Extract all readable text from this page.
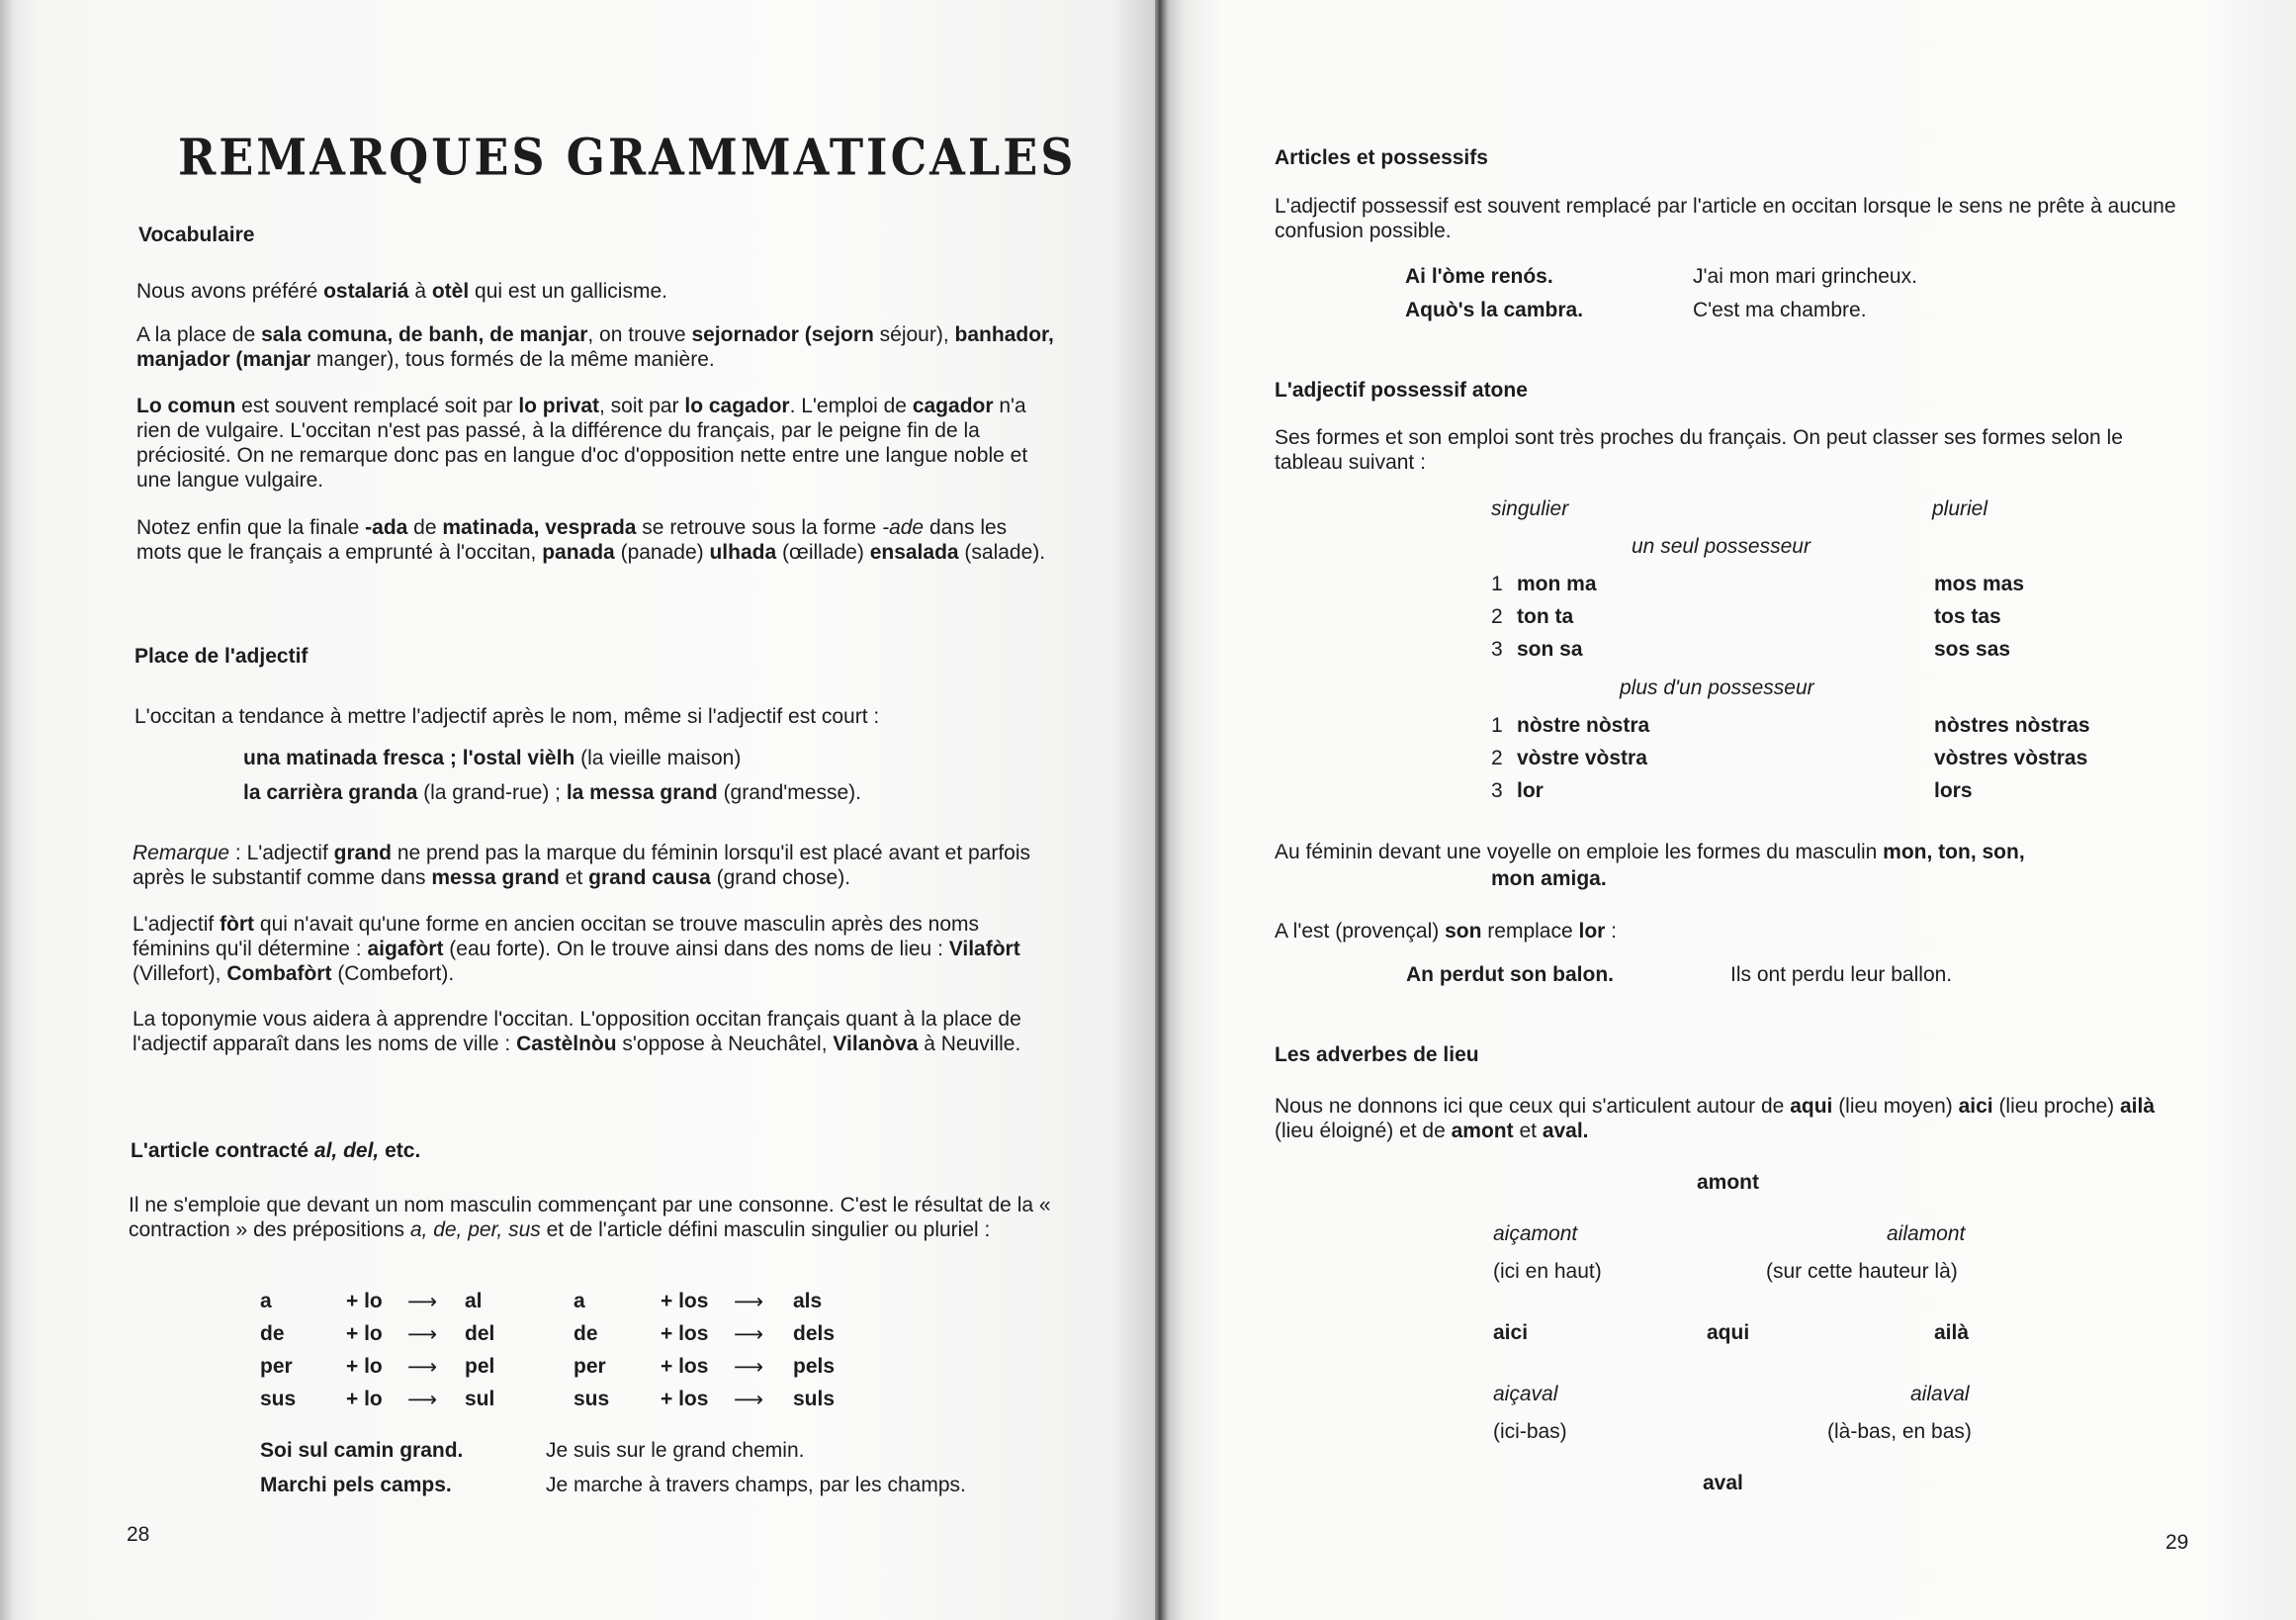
REMARQUES GRAMMATICALES
Vocabulaire
Nous avons préféré ostalariá à otèl qui est un gallicisme.
A la place de sala comuna, de banh, de manjar, on trouve sejornador (sejorn séjour), banhador, manjador (manjar manger), tous formés de la même manière.
Lo comun est souvent remplacé soit par lo privat, soit par lo cagador. L'emploi de cagador n'a rien de vulgaire. L'occitan n'est pas passé, à la différence du français, par le peigne fin de la préciosité. On ne remarque donc pas en langue d'oc d'opposition nette entre une langue noble et une langue vulgaire.
Notez enfin que la finale -ada de matinada, vesprada se retrouve sous la forme -ade dans les mots que le français a emprunté à l'occitan, panada (panade) ulhada (œillade) ensalada (salade).
Place de l'adjectif
L'occitan a tendance à mettre l'adjectif après le nom, même si l'adjectif est court :
una matinada fresca ; l'ostal vièlh (la vieille maison)
la carrièra granda (la grand-rue) ; la messa grand (grand'messe).
Remarque : L'adjectif grand ne prend pas la marque du féminin lorsqu'il est placé avant et parfois après le substantif comme dans messa grand et grand causa (grand chose).
L'adjectif fòrt qui n'avait qu'une forme en ancien occitan se trouve masculin après des noms féminins qu'il détermine : aigafòrt (eau forte). On le trouve ainsi dans des noms de lieu : Vilafòrt (Villefort), Combafòrt (Combefort).
La toponymie vous aidera à apprendre l'occitan. L'opposition occitan français quant à la place de l'adjectif apparaît dans les noms de ville : Castèlnòu s'oppose à Neuchâtel, Vilanòva à Neuville.
L'article contracté al, del, etc.
Il ne s'emploie que devant un nom masculin commençant par une consonne. C'est le résultat de la « contraction » des prépositions a, de, per, sus et de l'article défini masculin singulier ou pluriel :
a	+ lo ⟶ al	a	+ los ⟶ als
de	+ lo ⟶ del	de	+ los ⟶ dels
per	+ lo ⟶ pel	per	+ los ⟶ pels
sus + lo ⟶ sul	sus + los ⟶ suls
Soi sul camin grand.	Je suis sur le grand chemin.
Marchi pels camps.	Je marche à travers champs, par les champs.
28
Articles et possessifs
L'adjectif possessif est souvent remplacé par l'article en occitan lorsque le sens ne prête à aucune confusion possible.
Ai l'òme renós.	J'ai mon mari grincheux.
Aquò's la cambra.	C'est ma chambre.
L'adjectif possessif atone
Ses formes et son emploi sont très proches du français. On peut classer ses formes selon le tableau suivant :
singulier	pluriel
un seul possesseur
1 mon ma	mos mas
2 ton ta	tos tas
3 son sa	sos sas
plus d'un possesseur
1 nòstre nòstra	nòstres nòstras
2 vòstre vòstra	vòstres vòstras
3 lor	lors
Au féminin devant une voyelle on emploie les formes du masculin mon, ton, son,
mon amiga.
A l'est (provençal) son remplace lor :
An perdut son balon.	Ils ont perdu leur ballon.
Les adverbes de lieu
Nous ne donnons ici que ceux qui s'articulent autour de aqui (lieu moyen) aici (lieu proche) ailà (lieu éloigné) et de amont et aval.
amont
aiçamont	ailamont
(ici en haut)	(sur cette hauteur là)
aici	aqui	ailà
aiçaval	ailaval
(ici-bas)	(là-bas, en bas)
aval
29
